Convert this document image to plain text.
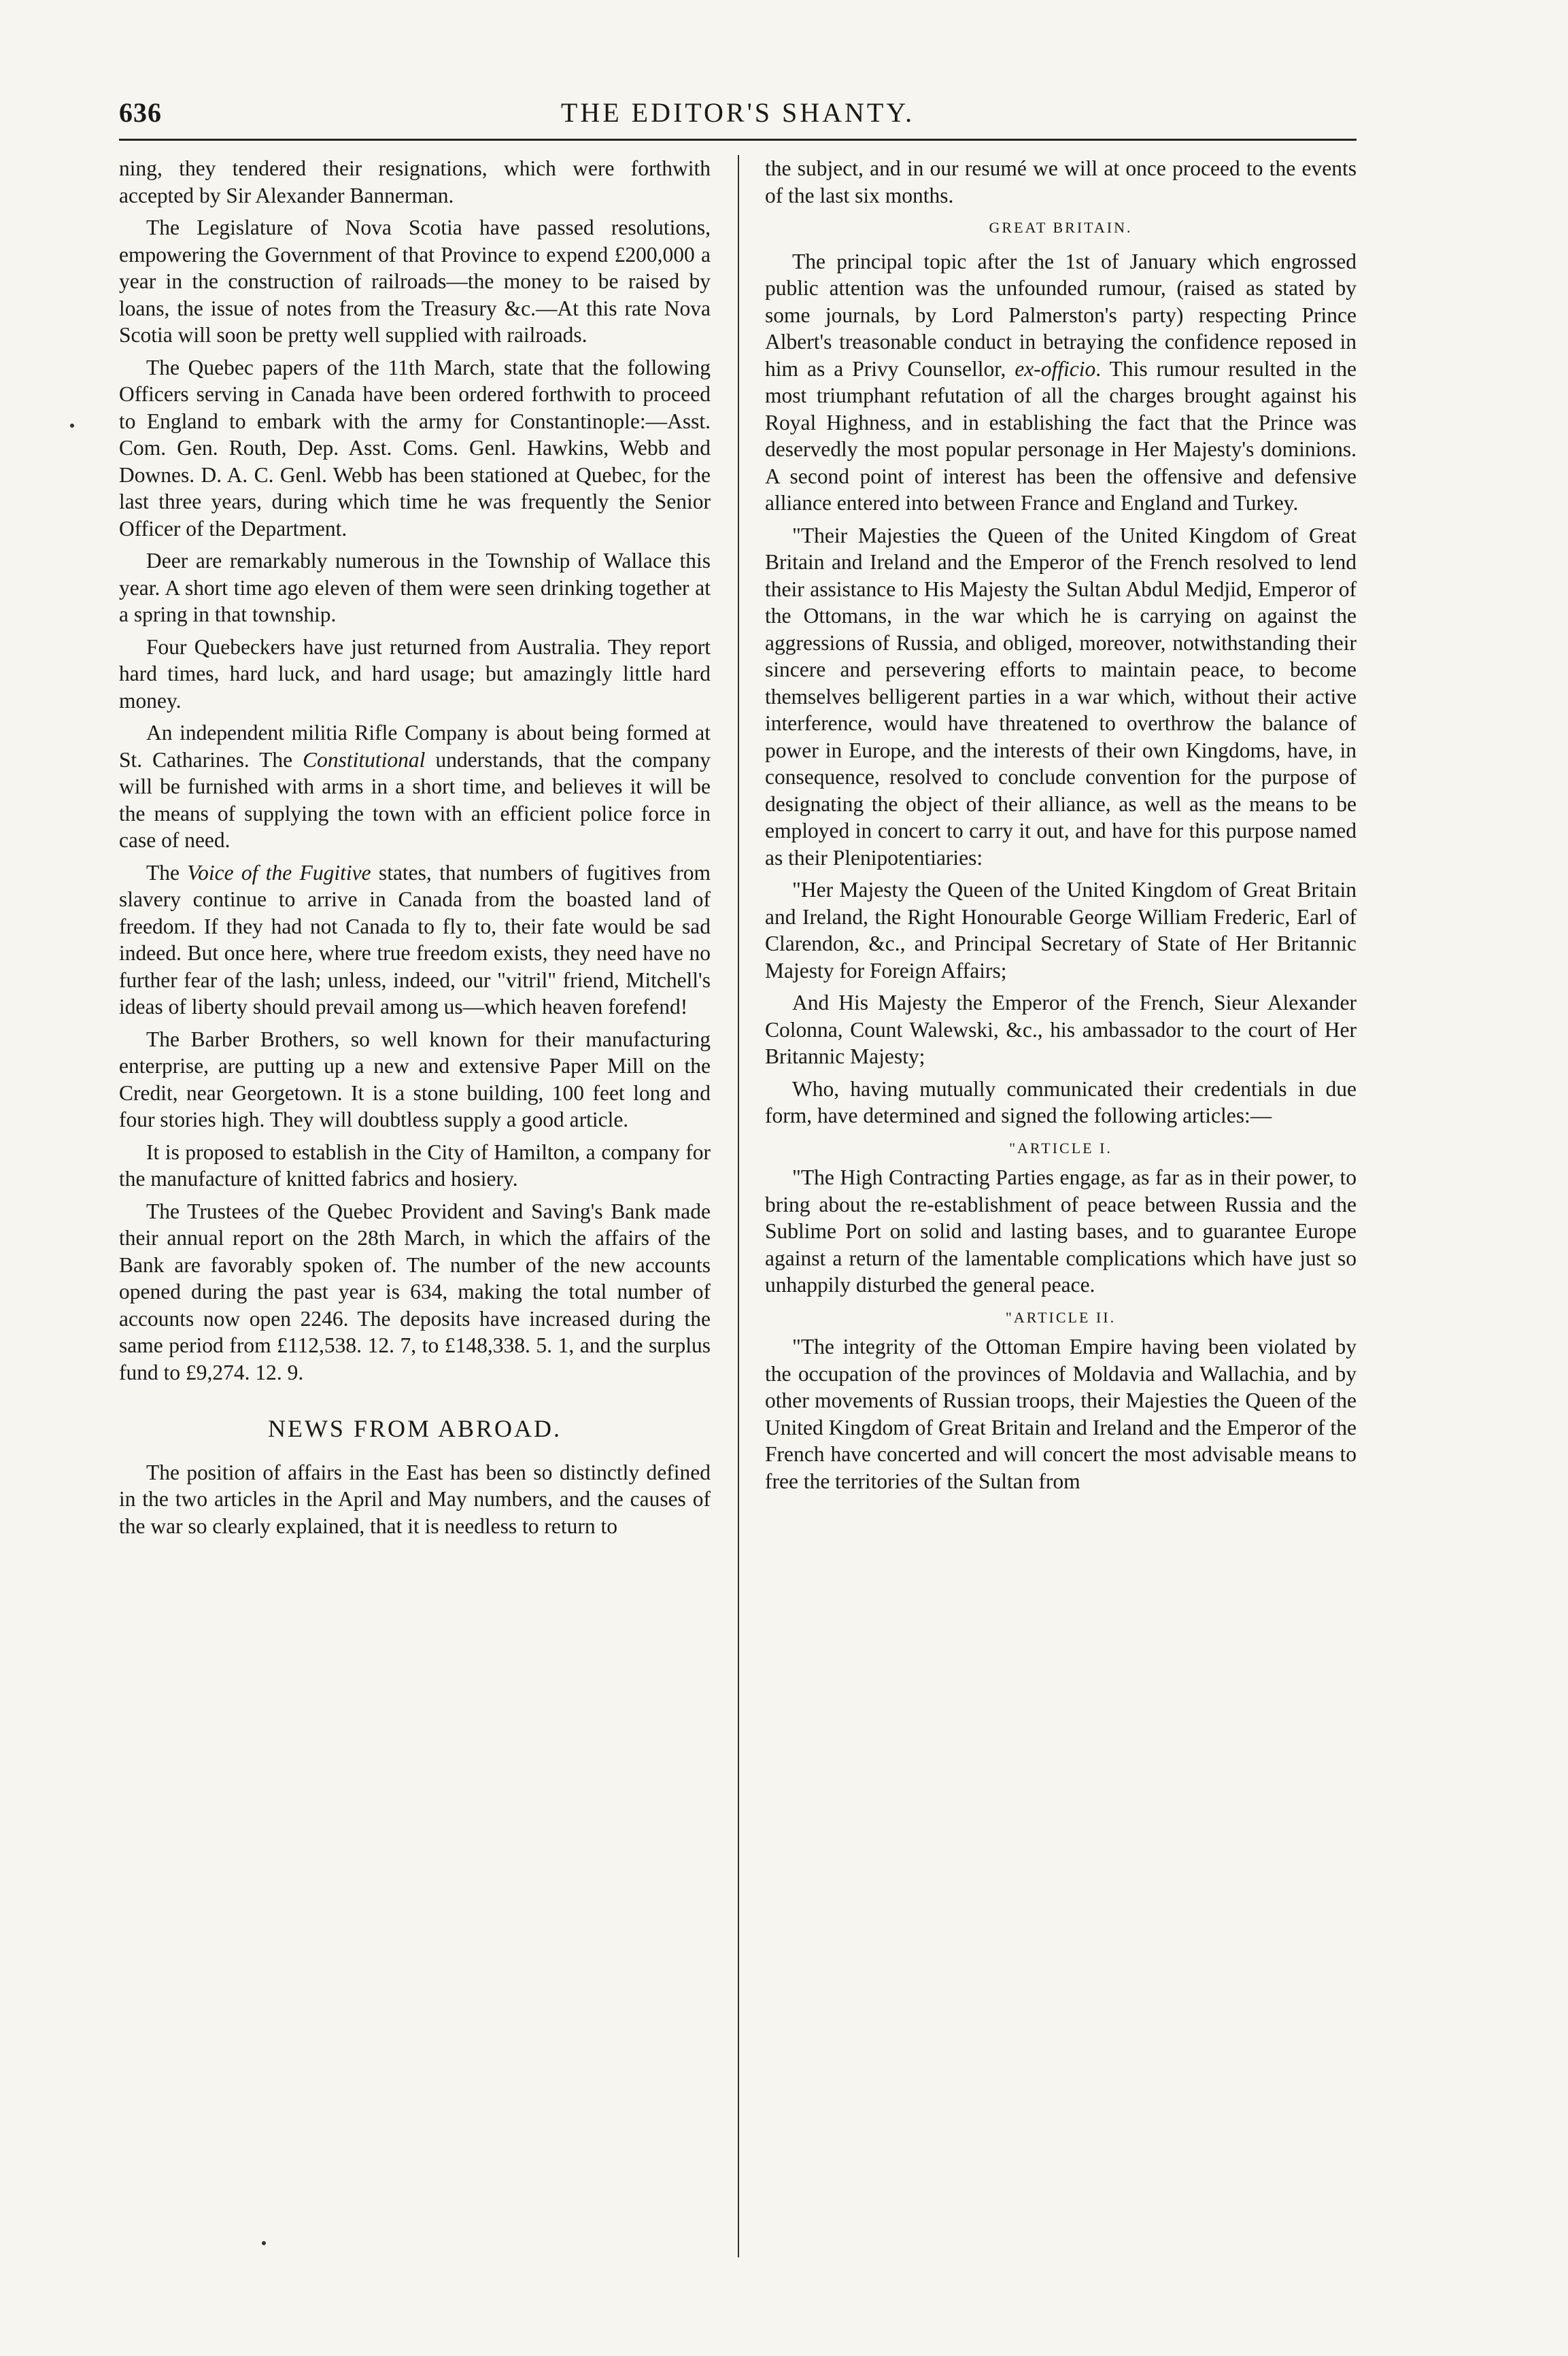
636	THE EDITOR'S SHANTY.

ning, they tendered their resignations, which were forthwith accepted by Sir Alexander Bannerman.

The Legislature of Nova Scotia have passed resolutions, empowering the Government of that Province to expend £200,000 a year in the construction of railroads—the money to be raised by loans, the issue of notes from the Treasury &c.—At this rate Nova Scotia will soon be pretty well supplied with railroads.

The Quebec papers of the 11th March, state that the following Officers serving in Canada have been ordered forthwith to proceed to England to embark with the army for Constantinople:—Asst. Com. Gen. Routh, Dep. Asst. Coms. Genl. Hawkins, Webb and Downes. D. A. C. Genl. Webb has been stationed at Quebec, for the last three years, during which time he was frequently the Senior Officer of the Department.

Deer are remarkably numerous in the Township of Wallace this year. A short time ago eleven of them were seen drinking together at a spring in that township.

Four Quebeckers have just returned from Australia. They report hard times, hard luck, and hard usage; but amazingly little hard money.

An independent militia Rifle Company is about being formed at St. Catharines. The Constitutional understands, that the company will be furnished with arms in a short time, and believes it will be the means of supplying the town with an efficient police force in case of need.

The Voice of the Fugitive states, that numbers of fugitives from slavery continue to arrive in Canada from the boasted land of freedom. If they had not Canada to fly to, their fate would be sad indeed. But once here, where true freedom exists, they need have no further fear of the lash; unless, indeed, our "vitril" friend, Mitchell's ideas of liberty should prevail among us—which heaven forefend!

The Barber Brothers, so well known for their manufacturing enterprise, are putting up a new and extensive Paper Mill on the Credit, near Georgetown. It is a stone building, 100 feet long and four stories high. They will doubtless supply a good article.

It is proposed to establish in the City of Hamilton, a company for the manufacture of knitted fabrics and hosiery.

The Trustees of the Quebec Provident and Saving's Bank made their annual report on the 28th March, in which the affairs of the Bank are favorably spoken of. The number of the new accounts opened during the past year is 634, making the total number of accounts now open 2246. The deposits have increased during the same period from £112,538. 12. 7, to £148,338. 5. 1, and the surplus fund to £9,274. 12. 9.

NEWS FROM ABROAD.

The position of affairs in the East has been so distinctly defined in the two articles in the April and May numbers, and the causes of the war so clearly explained, that it is needless to return to

the subject, and in our resumé we will at once proceed to the events of the last six months.

GREAT BRITAIN.

The principal topic after the 1st of January which engrossed public attention was the unfounded rumour, (raised as stated by some journals, by Lord Palmerston's party) respecting Prince Albert's treasonable conduct in betraying the confidence reposed in him as a Privy Counsellor, ex-officio. This rumour resulted in the most triumphant refutation of all the charges brought against his Royal Highness, and in establishing the fact that the Prince was deservedly the most popular personage in Her Majesty's dominions. A second point of interest has been the offensive and defensive alliance entered into between France and England and Turkey.

"Their Majesties the Queen of the United Kingdom of Great Britain and Ireland and the Emperor of the French resolved to lend their assistance to His Majesty the Sultan Abdul Medjid, Emperor of the Ottomans, in the war which he is carrying on against the aggressions of Russia, and obliged, moreover, notwithstanding their sincere and persevering efforts to maintain peace, to become themselves belligerent parties in a war which, without their active interference, would have threatened to overthrow the balance of power in Europe, and the interests of their own Kingdoms, have, in consequence, resolved to conclude convention for the purpose of designating the object of their alliance, as well as the means to be employed in concert to carry it out, and have for this purpose named as their Plenipotentiaries:

"Her Majesty the Queen of the United Kingdom of Great Britain and Ireland, the Right Honourable George William Frederic, Earl of Clarendon, &c., and Principal Secretary of State of Her Britannic Majesty for Foreign Affairs;

And His Majesty the Emperor of the French, Sieur Alexander Colonna, Count Walewski, &c., his ambassador to the court of Her Britannic Majesty;

Who, having mutually communicated their credentials in due form, have determined and signed the following articles:—

"ARTICLE I.

"The High Contracting Parties engage, as far as in their power, to bring about the re-establishment of peace between Russia and the Sublime Port on solid and lasting bases, and to guarantee Europe against a return of the lamentable complications which have just so unhappily disturbed the general peace.

"ARTICLE II.

"The integrity of the Ottoman Empire having been violated by the occupation of the provinces of Moldavia and Wallachia, and by other movements of Russian troops, their Majesties the Queen of the United Kingdom of Great Britain and Ireland and the Emperor of the French have concerted and will concert the most advisable means to free the territories of the Sultan from
